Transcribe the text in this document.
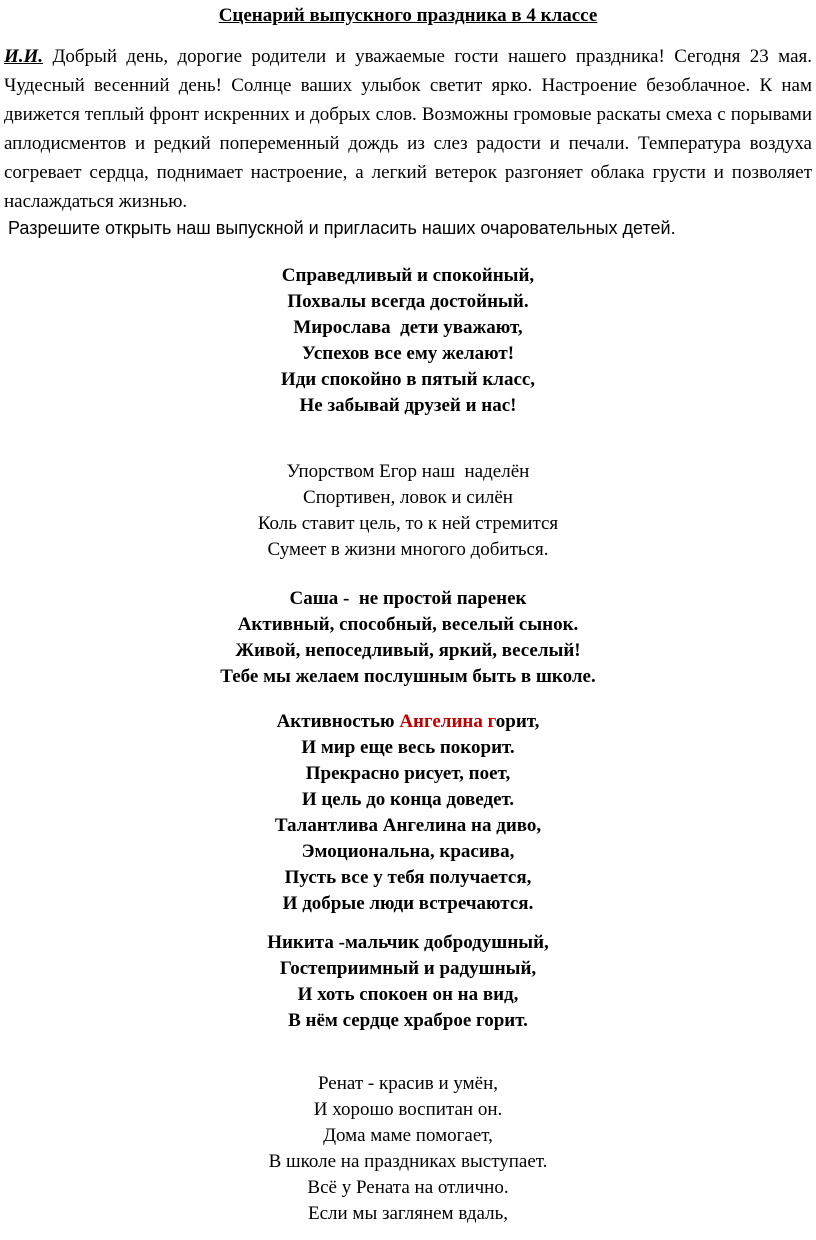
Сценарий выпускного праздника в 4 классе
И.И. Добрый день, дорогие родители и уважаемые гости нашего праздника! Сегодня 23 мая. Чудесный весенний день! Солнце ваших улыбок светит ярко. Настроение безоблачное. К нам движется теплый фронт искренних и добрых слов. Возможны громовые раскаты смеха с порывами аплодисментов и редкий попеременный дождь из слез радости и печали. Температура воздуха согревает сердца, поднимает настроение, а легкий ветерок разгоняет облака грусти и позволяет наслаждаться жизнью.
Разрешите открыть наш выпускной и пригласить наших очаровательных детей.
Справедливый и спокойный,
Похвалы всегда достойный.
Мирослава  дети уважают,
Успехов все ему желают!
Иди спокойно в пятый класс,
Не забывай друзей и нас!
Упорством Егор наш  наделён
Спортивен, ловок и силён
Коль ставит цель, то к ней стремится
Сумеет в жизни многого добиться.
Саша -  не простой паренек
Активный, способный, веселый сынок.
Живой, непоседливый, яркий, веселый!
Тебе мы желаем послушным быть в школе.
Активностью Ангелина горит,
И мир еще весь покорит.
Прекрасно рисует, поет,
И цель до конца доведет.
Талантлива Ангелина на диво,
Эмоциональна, красива,
Пусть все у тебя получается,
И добрые люди встречаются.
Никита -мальчик добродушный,
Гостеприимный и радушный,
И хоть спокоен он на вид,
В нём сердце храброе горит.
Ренат - красив и умён,
И хорошо воспитан он.
Дома маме помогает,
В школе на праздниках выступает.
Всё у Рената на отлично.
Если мы заглянем вдаль,
